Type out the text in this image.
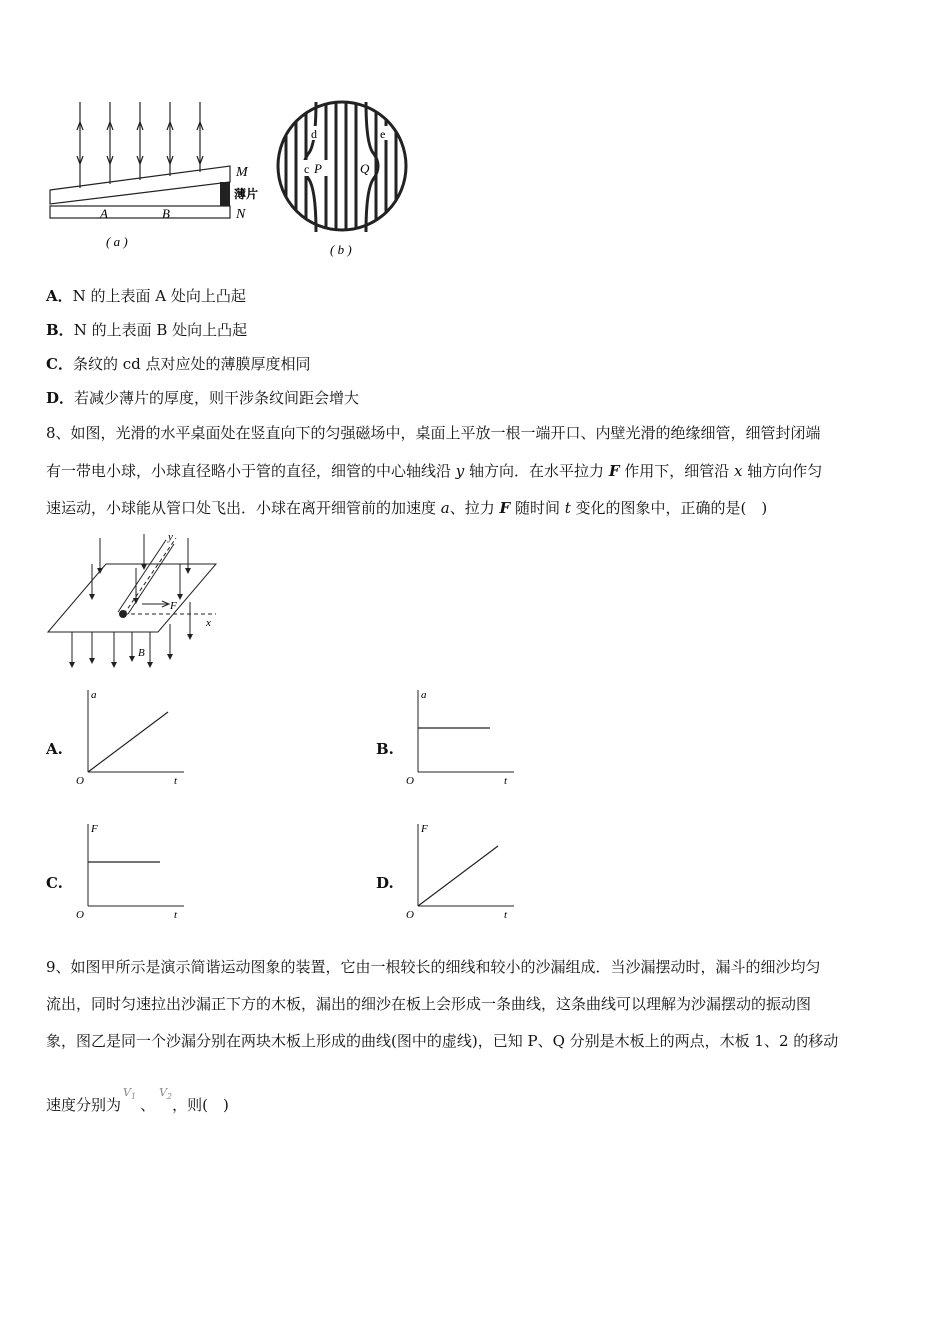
M
薄片
N
A	B
( a )
d	e
c P	Q
( b )
A．N 的上表面 A 处向上凸起
B．N 的上表面 B 处向上凸起
C．条纹的 cd 点对应处的薄膜厚度相同
D．若减少薄片的厚度，则干涉条纹间距会增大
8、如图，光滑的水平桌面处在竖直向下的匀强磁场中，桌面上平放一根一端开口、内壁光滑的绝缘细管，细管封闭端
有一带电小球，小球直径略小于管的直径，细管的中心轴线沿 y 轴方向．在水平拉力 F 作用下，细管沿 x 轴方向作匀
速运动，小球能从管口处飞出．小球在离开细管前的加速度 a、拉力 F 随时间 t 变化的图象中，正确的是(　)
y
F
x
B
A.
a
t
O
B.
a
t
O
C.
F
t
O
D.
F
t
O
9、如图甲所示是演示简谐运动图象的装置，它由一根较长的细线和较小的沙漏组成．当沙漏摆动时，漏斗的细沙均匀
流出，同时匀速拉出沙漏正下方的木板，漏出的细沙在板上会形成一条曲线，这条曲线可以理解为沙漏摆动的振动图
象，图乙是同一个沙漏分别在两块木板上形成的曲线(图中的虚线)，已知 P、Q 分别是木板上的两点，木板 1、2 的移动
速度分别为$^{V_1}$ 、$^{V_2}$，则(　)
